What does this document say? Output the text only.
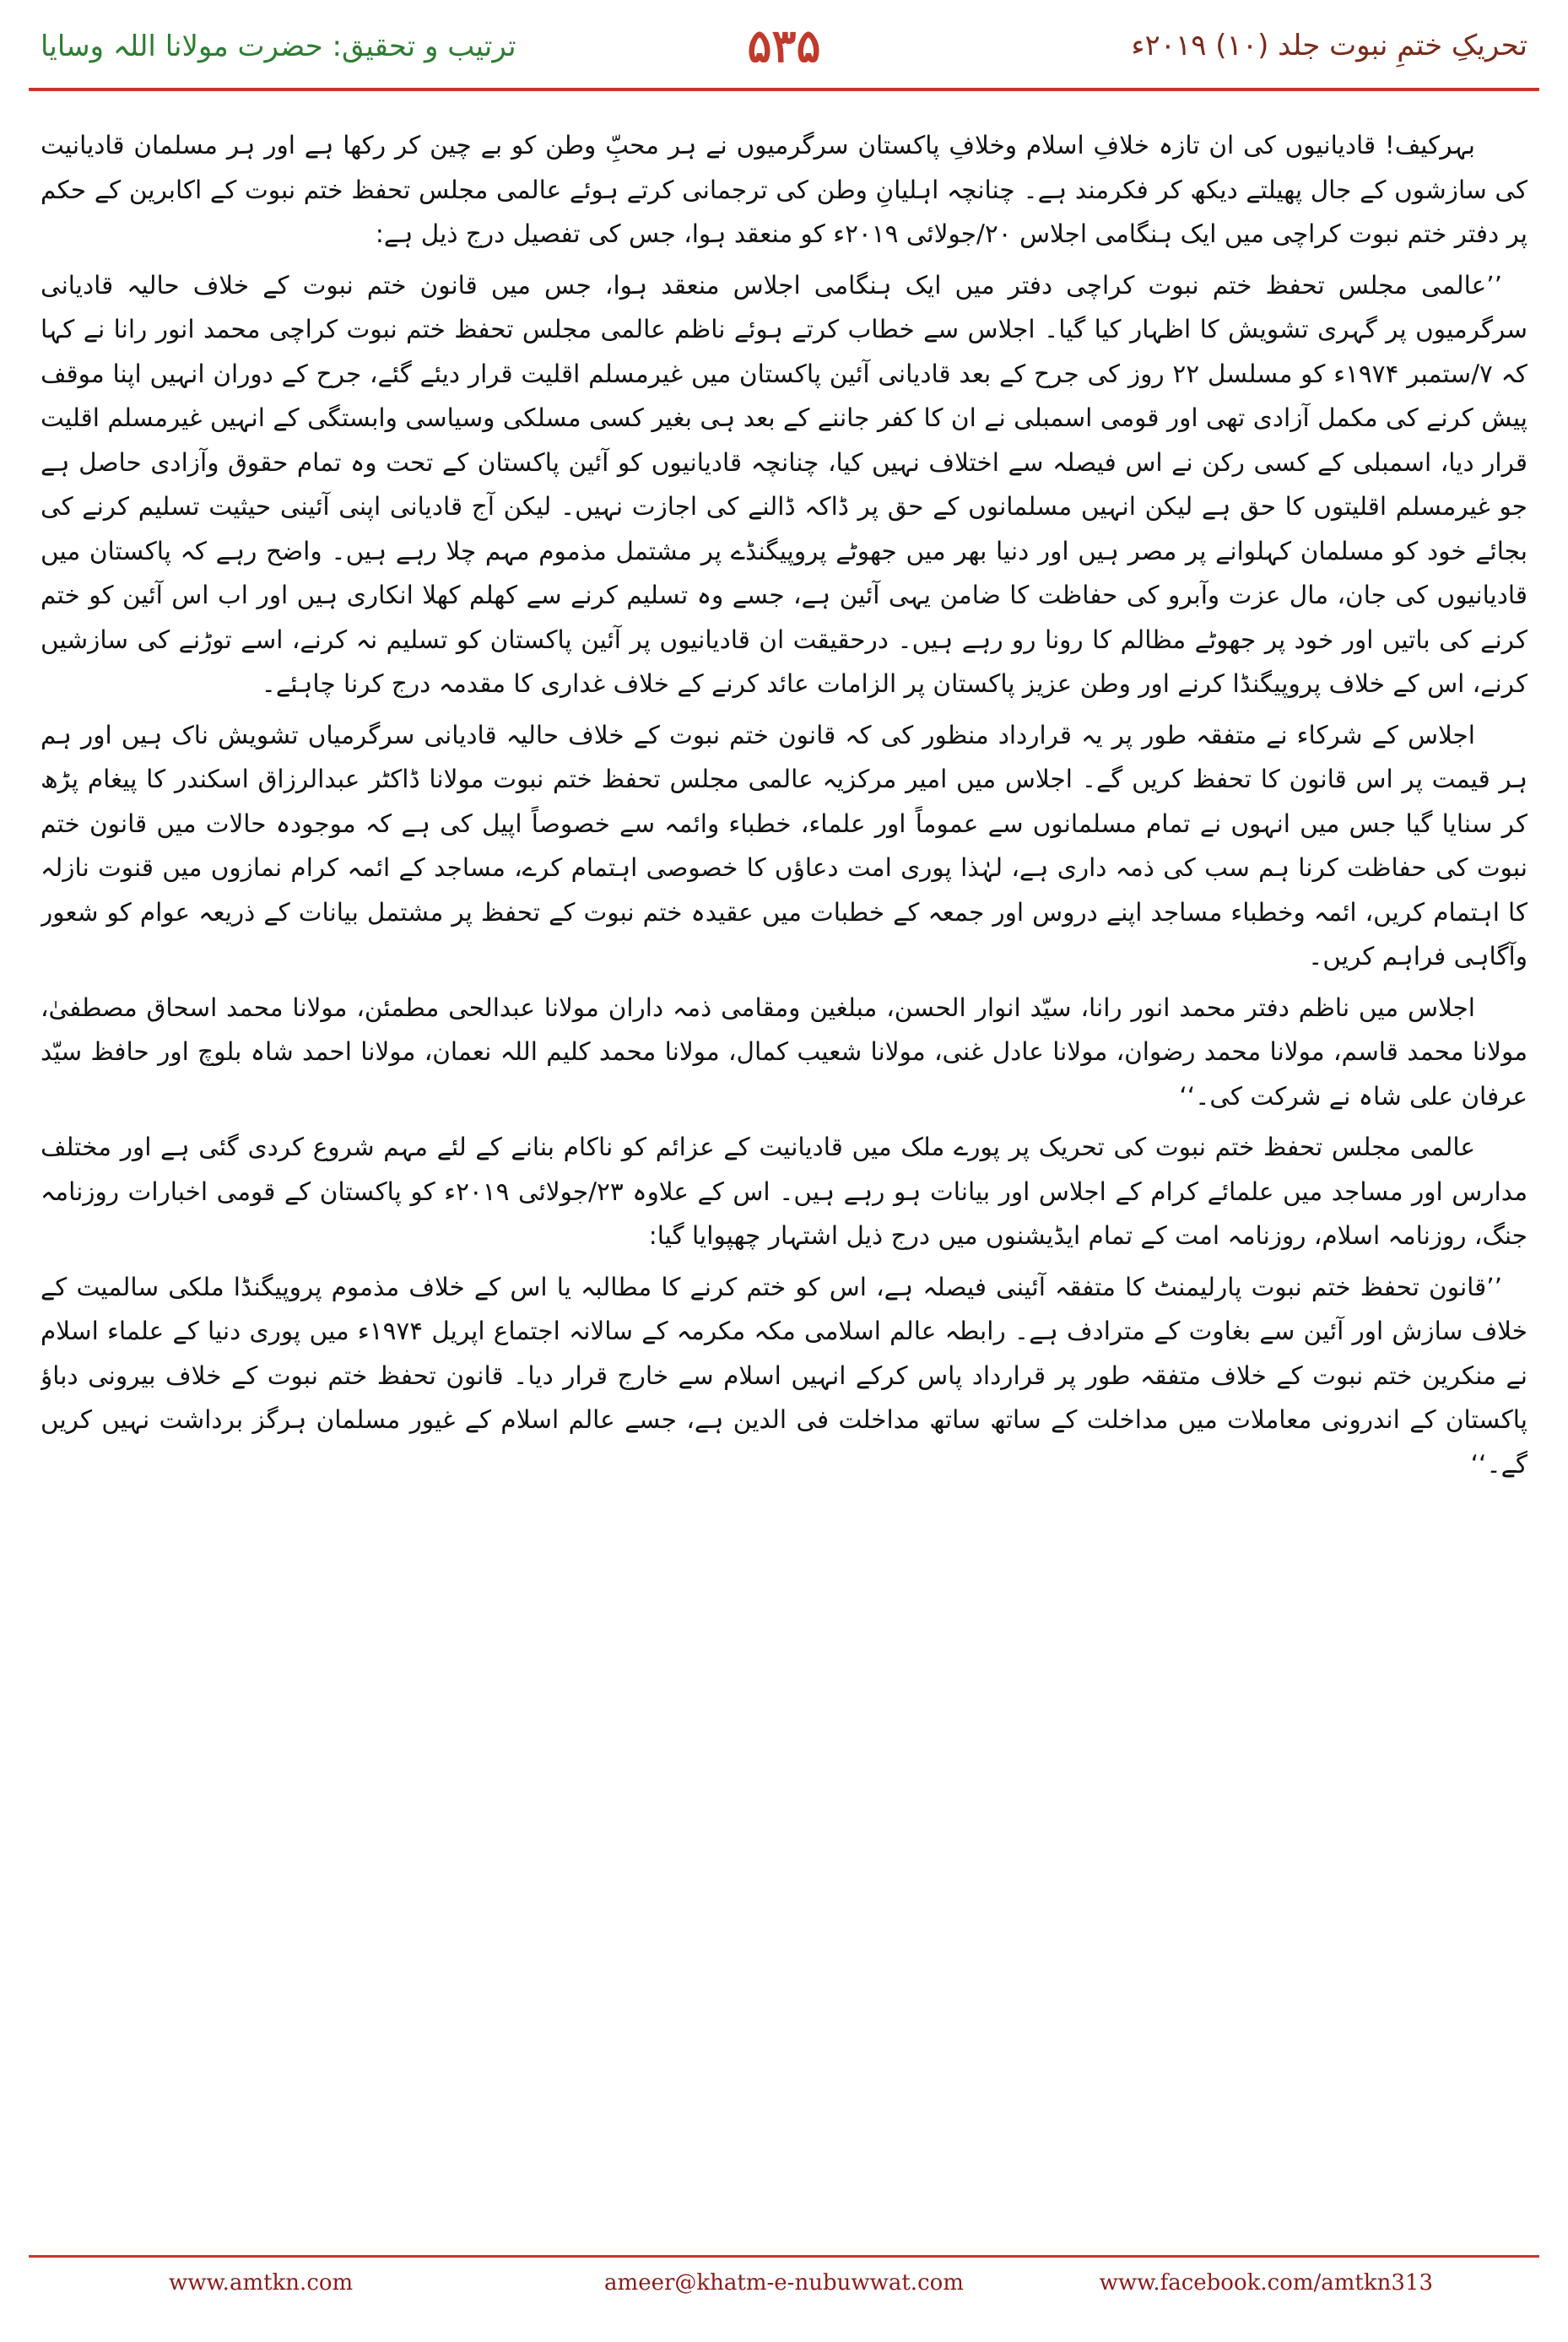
تحریکِ ختمِ نبوت جلد (۱۰) ۲۰۱۹ء
۵۳۵
ترتیب و تحقیق: حضرت مولانا اللہ وسایا

بہرکیف! قادیانیوں کی ان تازہ خلافِ اسلام وخلافِ پاکستان سرگرمیوں نے ہر محبِّ وطن کو بے چین کر رکھا ہے اور ہر مسلمان قادیانیت کی سازشوں کے جال پھیلتے دیکھ کر فکرمند ہے۔ چنانچہ اہلیانِ وطن کی ترجمانی کرتے ہوئے عالمی مجلس تحفظ ختم نبوت کے اکابرین کے حکم پر دفتر ختم نبوت کراچی میں ایک ہنگامی اجلاس ۲۰/جولائی ۲۰۱۹ء کو منعقد ہوا، جس کی تفصیل درج ذیل ہے:

’’عالمی مجلس تحفظ ختم نبوت کراچی دفتر میں ایک ہنگامی اجلاس منعقد ہوا، جس میں قانون ختم نبوت کے خلاف حالیہ قادیانی سرگرمیوں پر گہری تشویش کا اظہار کیا گیا۔ اجلاس سے خطاب کرتے ہوئے ناظم عالمی مجلس تحفظ ختم نبوت کراچی محمد انور رانا نے کہا کہ ۷/ستمبر ۱۹۷۴ء کو مسلسل ۲۲ روز کی جرح کے بعد قادیانی آئین پاکستان میں غیرمسلم اقلیت قرار دیئے گئے، جرح کے دوران انہیں اپنا موقف پیش کرنے کی مکمل آزادی تھی اور قومی اسمبلی نے ان کا کفر جاننے کے بعد ہی بغیر کسی مسلکی وسیاسی وابستگی کے انہیں غیرمسلم اقلیت قرار دیا، اسمبلی کے کسی رکن نے اس فیصلہ سے اختلاف نہیں کیا، چنانچہ قادیانیوں کو آئین پاکستان کے تحت وہ تمام حقوق وآزادی حاصل ہے جو غیرمسلم اقلیتوں کا حق ہے لیکن انہیں مسلمانوں کے حق پر ڈاکہ ڈالنے کی اجازت نہیں۔ لیکن آج قادیانی اپنی آئینی حیثیت تسلیم کرنے کی بجائے خود کو مسلمان کہلوانے پر مصر ہیں اور دنیا بھر میں جھوٹے پروپیگنڈے پر مشتمل مذموم مہم چلا رہے ہیں۔ واضح رہے کہ پاکستان میں قادیانیوں کی جان، مال عزت وآبرو کی حفاظت کا ضامن یہی آئین ہے، جسے وہ تسلیم کرنے سے کھلم کھلا انکاری ہیں اور اب اس آئین کو ختم کرنے کی باتیں اور خود پر جھوٹے مظالم کا رونا رو رہے ہیں۔ درحقیقت ان قادیانیوں پر آئین پاکستان کو تسلیم نہ کرنے، اسے توڑنے کی سازشیں کرنے، اس کے خلاف پروپیگنڈا کرنے اور وطن عزیز پاکستان پر الزامات عائد کرنے کے خلاف غداری کا مقدمہ درج کرنا چاہئے۔

اجلاس کے شرکاء نے متفقہ طور پر یہ قرارداد منظور کی کہ قانون ختم نبوت کے خلاف حالیہ قادیانی سرگرمیاں تشویش ناک ہیں اور ہم ہر قیمت پر اس قانون کا تحفظ کریں گے۔ اجلاس میں امیر مرکزیہ عالمی مجلس تحفظ ختم نبوت مولانا ڈاکٹر عبدالرزاق اسکندر کا پیغام پڑھ کر سنایا گیا جس میں انہوں نے تمام مسلمانوں سے عموماً اور علماء، خطباء وائمہ سے خصوصاً اپیل کی ہے کہ موجودہ حالات میں قانون ختم نبوت کی حفاظت کرنا ہم سب کی ذمہ داری ہے، لہٰذا پوری امت دعاؤں کا خصوصی اہتمام کرے، مساجد کے ائمہ کرام نمازوں میں قنوت نازلہ کا اہتمام کریں، ائمہ وخطباء مساجد اپنے دروس اور جمعہ کے خطبات میں عقیدہ ختم نبوت کے تحفظ پر مشتمل بیانات کے ذریعہ عوام کو شعور وآگاہی فراہم کریں۔

اجلاس میں ناظم دفتر محمد انور رانا، سیّد انوار الحسن، مبلغین ومقامی ذمہ داران مولانا عبدالحی مطمئن، مولانا محمد اسحاق مصطفیٰ، مولانا محمد قاسم، مولانا محمد رضوان، مولانا عادل غنی، مولانا شعیب کمال، مولانا محمد کلیم اللہ نعمان، مولانا احمد شاہ بلوچ اور حافظ سیّد عرفان علی شاہ نے شرکت کی۔‘‘

عالمی مجلس تحفظ ختم نبوت کی تحریک پر پورے ملک میں قادیانیت کے عزائم کو ناکام بنانے کے لئے مہم شروع کردی گئی ہے اور مختلف مدارس اور مساجد میں علمائے کرام کے اجلاس اور بیانات ہو رہے ہیں۔ اس کے علاوہ ۲۳/جولائی ۲۰۱۹ء کو پاکستان کے قومی اخبارات روزنامہ جنگ، روزنامہ اسلام، روزنامہ امت کے تمام ایڈیشنوں میں درج ذیل اشتہار چھپوایا گیا:

’’قانون تحفظ ختم نبوت پارلیمنٹ کا متفقہ آئینی فیصلہ ہے، اس کو ختم کرنے کا مطالبہ یا اس کے خلاف مذموم پروپیگنڈا ملکی سالمیت کے خلاف سازش اور آئین سے بغاوت کے مترادف ہے۔ رابطہ عالم اسلامی مکہ مکرمہ کے سالانہ اجتماع اپریل ۱۹۷۴ء میں پوری دنیا کے علماء اسلام نے منکرین ختم نبوت کے خلاف متفقہ طور پر قرارداد پاس کرکے انہیں اسلام سے خارج قرار دیا۔ قانون تحفظ ختم نبوت کے خلاف بیرونی دباؤ پاکستان کے اندرونی معاملات میں مداخلت کے ساتھ ساتھ مداخلت فی الدین ہے، جسے عالم اسلام کے غیور مسلمان ہرگز برداشت نہیں کریں گے۔‘‘

www.amtkn.com	ameer@khatm-e-nubuwwat.com	www.facebook.com/amtkn313
